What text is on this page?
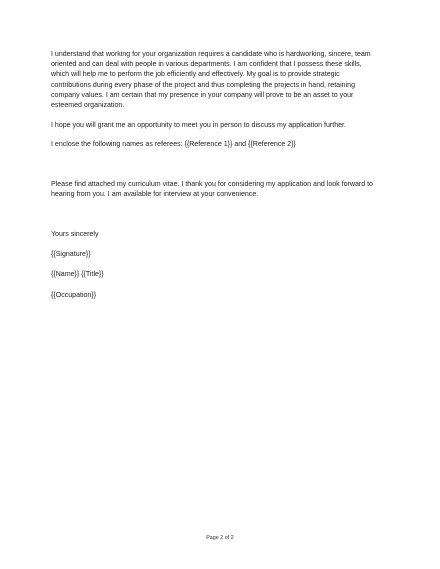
I understand that working for your organization requires a candidate who is hardworking, sincere, team
oriented and can deal with people in various departments. I am confident that I possess these skills,
which will help me to perform the job efficiently and effectively. My goal is to provide strategic
contributions during every phase of the project and thus completing the projects in hand, retaining
company values. I am certain that my presence in your company will prove to be an asset to your
esteemed organization.

I hope you will grant me an opportunity to meet you in person to discuss my application further.

I enclose the following names as referees: {{Reference 1}} and {{Reference 2}}

Please find attached my curriculum vitae. I thank you for considering my application and look forward to
hearing from you. I am available for interview at your convenience.

Yours sincerely

{{Signature}}

{{Name}} {{Title}}

{{Occupation}}

Page 2 of 2
